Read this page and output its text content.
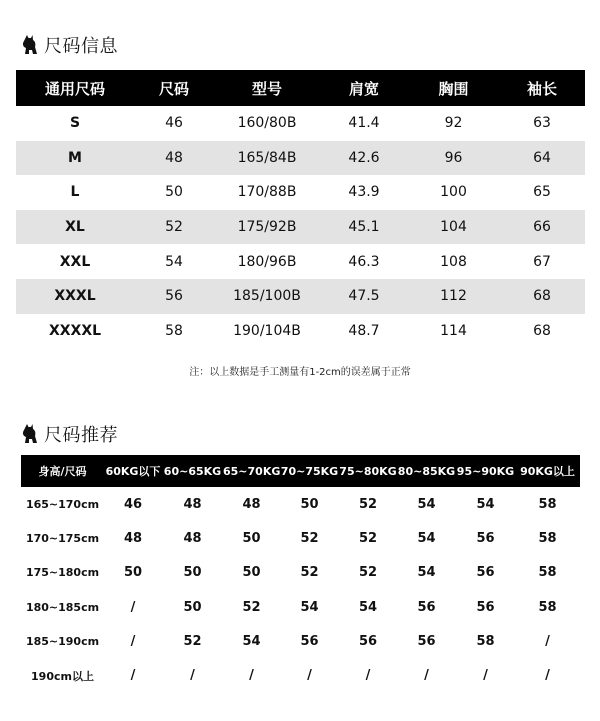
尺码信息
通用尺码	尺码	型号	肩宽	胸围	袖长
S	46	160/80B	41.4	92	63
M	48	165/84B	42.6	96	64
L	50	170/88B	43.9	100	65
XL	52	175/92B	45.1	104	66
XXL	54	180/96B	46.3	108	67
XXXL	56	185/100B	47.5	112	68
XXXXL	58	190/104B	48.7	114	68
注：以上数据是手工测量有1-2cm的误差属于正常
尺码推荐
身高/尺码	60KG以下 60~65KG 65~70KG 70~75KG 75~80KG 80~85KG 95~90KG 90KG以上
165~170cm	46	48	48	50	52	54	54	58
170~175cm	48	48	50	52	52	54	56	58
175~180cm	50	50	50	52	52	54	56	58
180~185cm	/	50	52	54	54	56	56	58
185~190cm	/	52	54	56	56	56	58	/
190cm以上	/	/	/	/	/	/	/	/
